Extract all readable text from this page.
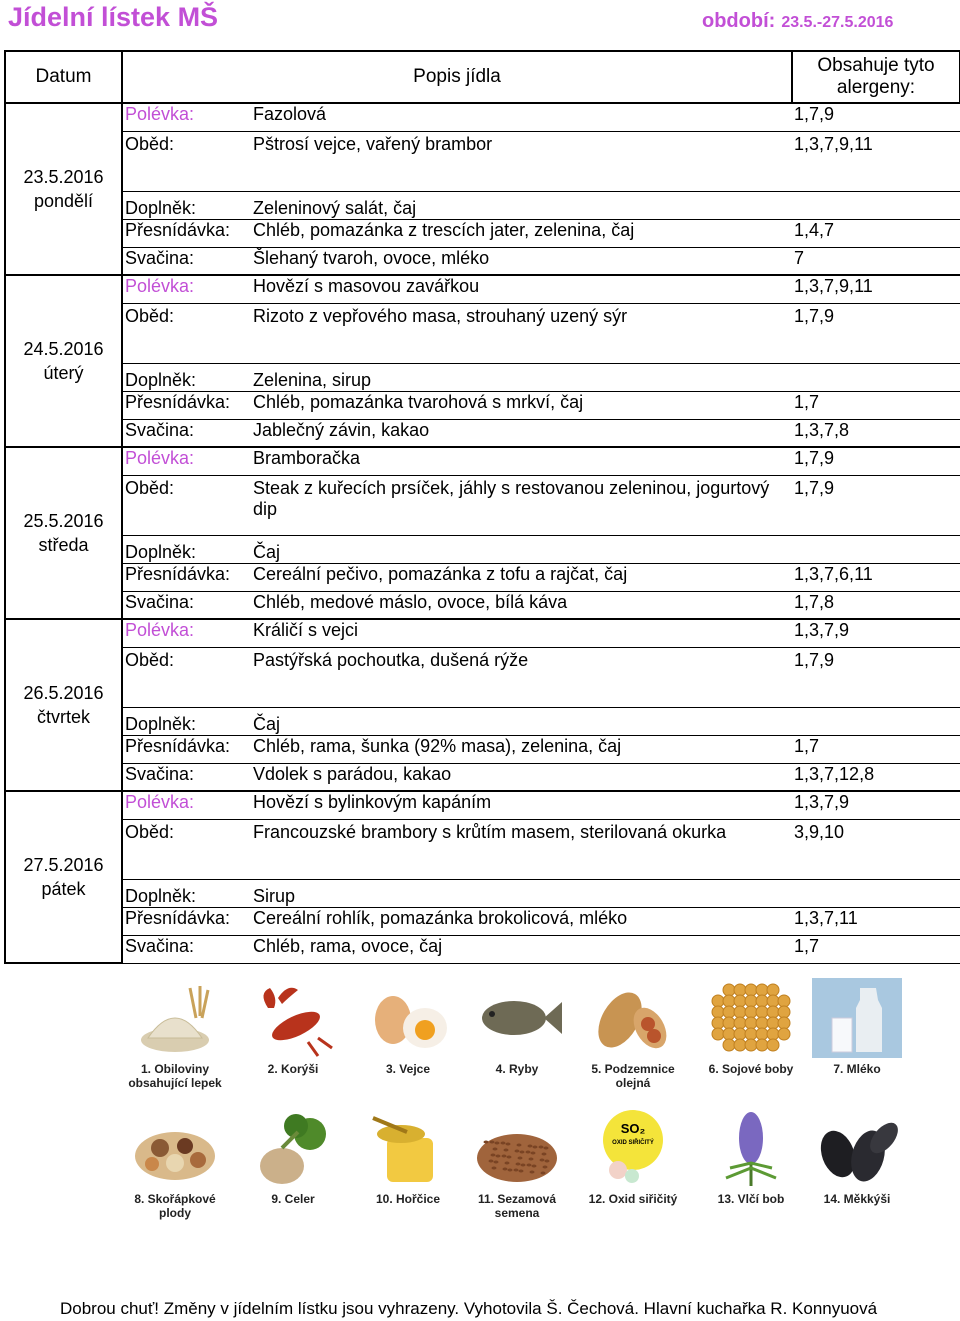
Jídelní lístek MŠ	období: 23.5.-27.5.2016
Datum	Popis jídla		Obsahuje tyto alergeny:

23.5.2016
pondělí	Polévka:	Fazolová	1,7,9
	Oběd:	Pštrosí vejce, vařený brambor	1,3,7,9,11
	Doplněk:	Zeleninový salát, čaj	
	Přesnídávka:	Chléb, pomazánka z trescích jater, zelenina, čaj	1,4,7
	Svačina:	Šlehaný tvaroh, ovoce, mléko	7

24.5.2016
úterý	Polévka:	Hovězí s masovou zavářkou	1,3,7,9,11
	Oběd:	Rizoto z vepřového masa, strouhaný uzený sýr	1,7,9
	Doplněk:	Zelenina, sirup	
	Přesnídávka:	Chléb, pomazánka tvarohová s mrkví, čaj	1,7
	Svačina:	Jablečný závin, kakao	1,3,7,8

25.5.2016
středa	Polévka:	Bramboračka	1,7,9
	Oběd:	Steak z kuřecích prsíček, jáhly s restovanou zeleninou, jogurtový dip	1,7,9
	Doplněk:	Čaj	
	Přesnídávka:	Cereální pečivo, pomazánka z tofu a rajčat, čaj	1,3,7,6,11
	Svačina:	Chléb, medové máslo, ovoce, bílá káva	1,7,8

26.5.2016
čtvrtek	Polévka:	Králičí s vejci	1,3,7,9
	Oběd:	Pastýřská pochoutka, dušená rýže	1,7,9
	Doplněk:	Čaj	
	Přesnídávka:	Chléb, rama, šunka (92% masa), zelenina, čaj	1,7
	Svačina:	Vdolek s parádou, kakao	1,3,7,12,8

27.5.2016
pátek	Polévka:	Hovězí s bylinkovým kapáním	1,3,7,9
	Oběd:	Francouzské brambory s krůtím masem, sterilovaná okurka	3,9,10
	Doplněk:	Sirup	
	Přesnídávka:	Cereální rohlík, pomazánka brokolicová, mléko	1,3,7,11
	Svačina:	Chléb, rama, ovoce, čaj	1,7
1. Obiloviny obsahující lepek
2. Korýši	3. Vejce	4. Ryby	5. Podzemnice olejná
6. Sojové boby	7. Mléko
8. Skořápkové plody
9. Celer	10. Hořčice	11. Sezamová semena
SO₂
OXID SIŘIČITÝ
12. Oxid siřičitý	13. Vlčí bob	14. Měkkýši
Dobrou chuť! Změny v jídelním lístku jsou vyhrazeny. Vyhotovila Š. Čechová. Hlavní kuchařka R. Konnyuová
